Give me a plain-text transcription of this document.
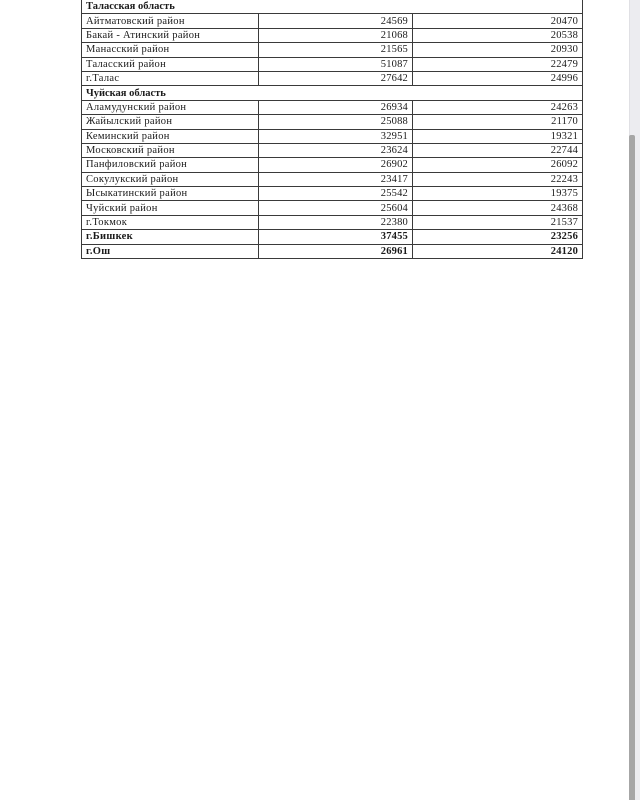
Таласская область		
Айтматовский район	24569	20470
Бакай - Атинский район	21068	20538
Манасский район	21565	20930
Таласский район	51087	22479
г.Талас	27642	24996
Чуйская область		
Аламудунский район	26934	24263
Жайылский район	25088	21170
Кеминский район	32951	19321
Московский район	23624	22744
Панфиловский район	26902	26092
Сокулукский район	23417	22243
Ысыкатинский район	25542	19375
Чуйский район	25604	24368
г.Токмок	22380	21537
г.Бишкек	37455	23256
г.Ош	26961	24120
